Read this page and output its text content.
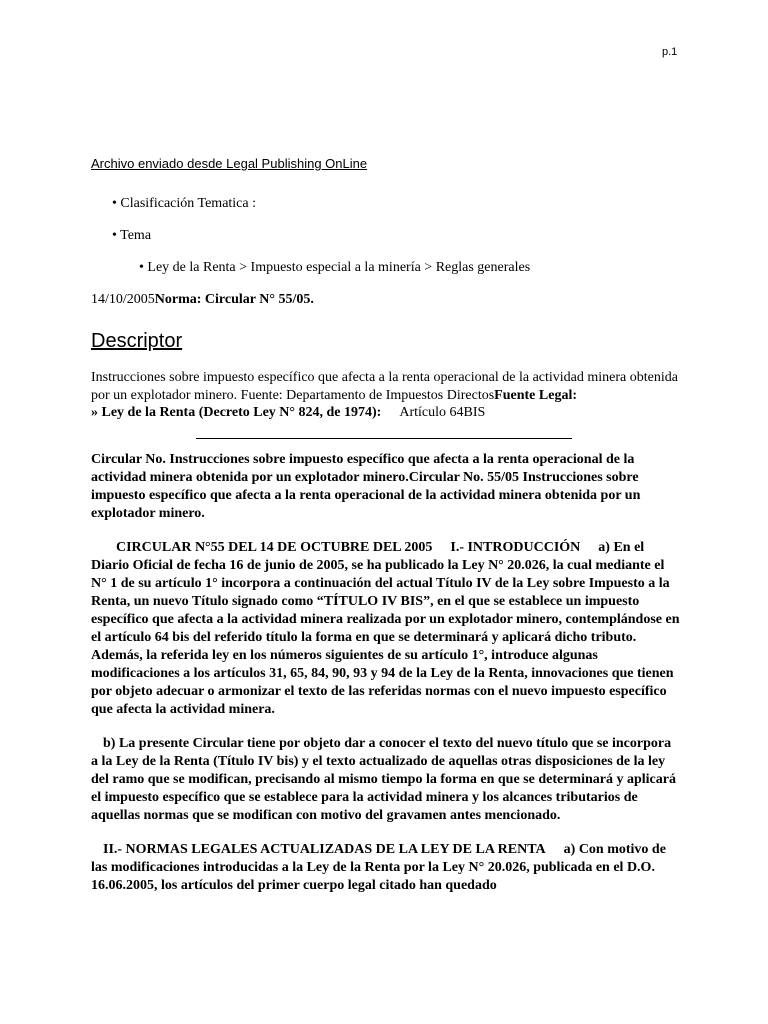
p.1
Archivo enviado desde Legal Publishing OnLine
• Clasificación Tematica :
• Tema
• Ley de la Renta > Impuesto especial a la minería > Reglas generales
14/10/2005Norma: Circular N° 55/05.
Descriptor
Instrucciones sobre impuesto específico que afecta a la renta operacional de la actividad minera obtenida por un explotador minero. Fuente: Departamento de Impuestos DirectosFuente Legal:
» Ley de la Renta (Decreto Ley N° 824, de 1974): Artículo 64BIS

Circular No. Instrucciones sobre impuesto específico que afecta a la renta operacional de la actividad minera obtenida por un explotador minero.Circular No. 55/05 Instrucciones sobre impuesto específico que afecta a la renta operacional de la actividad minera obtenida por un explotador minero.

CIRCULAR N°55 DEL 14 DE OCTUBRE DEL 2005 I.- INTRODUCCIÓN a) En el Diario Oficial de fecha 16 de junio de 2005, se ha publicado la Ley N° 20.026, la cual mediante el N° 1 de su artículo 1° incorpora a continuación del actual Título IV de la Ley sobre Impuesto a la Renta, un nuevo Título signado como “TÍTULO IV BIS”, en el que se establece un impuesto específico que afecta a la actividad minera realizada por un explotador minero, contemplándose en el artículo 64 bis del referido título la forma en que se determinará y aplicará dicho tributo. Además, la referida ley en los números siguientes de su artículo 1°, introduce algunas modificaciones a los artículos 31, 65, 84, 90, 93 y 94 de la Ley de la Renta, innovaciones que tienen por objeto adecuar o armonizar el texto de las referidas normas con el nuevo impuesto específico que afecta la actividad minera.

b) La presente Circular tiene por objeto dar a conocer el texto del nuevo título que se incorpora a la Ley de la Renta (Título IV bis) y el texto actualizado de aquellas otras disposiciones de la ley del ramo que se modifican, precisando al mismo tiempo la forma en que se determinará y aplicará el impuesto específico que se establece para la actividad minera y los alcances tributarios de aquellas normas que se modifican con motivo del gravamen antes mencionado.

II.- NORMAS LEGALES ACTUALIZADAS DE LA LEY DE LA RENTA a) Con motivo de las modificaciones introducidas a la Ley de la Renta por la Ley N° 20.026, publicada en el D.O. 16.06.2005, los artículos del primer cuerpo legal citado han quedado
